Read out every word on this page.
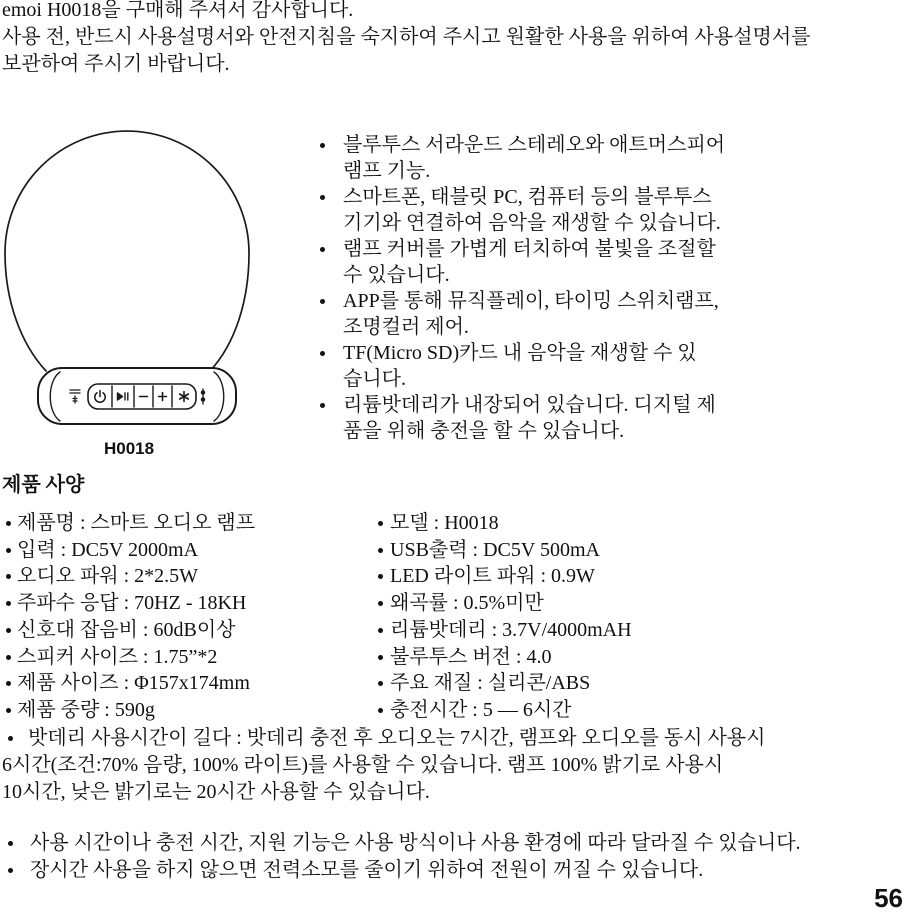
emoi H0018을 구매해 주셔서 감사합니다.
사용 전, 반드시 사용설명서와 안전지침을 숙지하여 주시고 원활한 사용을 위하여 사용설명서를
보관하여 주시기 바랍니다.
H0018
블루투스 서라운드 스테레오와 애트머스피어
램프 기능.
스마트폰, 태블릿 PC, 컴퓨터 등의 블루투스
기기와 연결하여 음악을 재생할 수 있습니다.
램프 커버를 가볍게 터치하여 불빛을 조절할
수 있습니다.
APP를 통해 뮤직플레이, 타이밍 스위치램프,
조명컬러 제어.
TF(Micro SD)카드 내 음악을 재생할 수 있
습니다.
리튬밧데리가 내장되어 있습니다. 디지털 제
품을 위해 충전을 할 수 있습니다.
제품 사양
제품명 : 스마트 오디오 램프
입력 : DC5V 2000mA
오디오 파워 : 2*2.5W
주파수 응답 : 70HZ - 18KH
신호대 잡음비 : 60dB이상
스피커 사이즈 : 1.75”*2
제품 사이즈 : Φ157x174mm
제품 중량 : 590g
모델 : H0018
USB출력 : DC5V 500mA
LED 라이트 파워 : 0.9W
왜곡률 : 0.5%미만
리튬밧데리 : 3.7V/4000mAH
불루투스 버전 : 4.0
주요 재질 : 실리콘/ABS
충전시간 : 5 — 6시간
밧데리 사용시간이 길다 : 밧데리 충전 후 오디오는 7시간, 램프와 오디오를 동시 사용시
6시간(조건:70% 음량, 100% 라이트)를 사용할 수 있습니다. 램프 100% 밝기로 사용시
10시간, 낮은 밝기로는 20시간 사용할 수 있습니다.
사용 시간이나 충전 시간, 지원 기능은 사용 방식이나 사용 환경에 따라 달라질 수 있습니다.
장시간 사용을 하지 않으면 전력소모를 줄이기 위하여 전원이 꺼질 수 있습니다.
56
